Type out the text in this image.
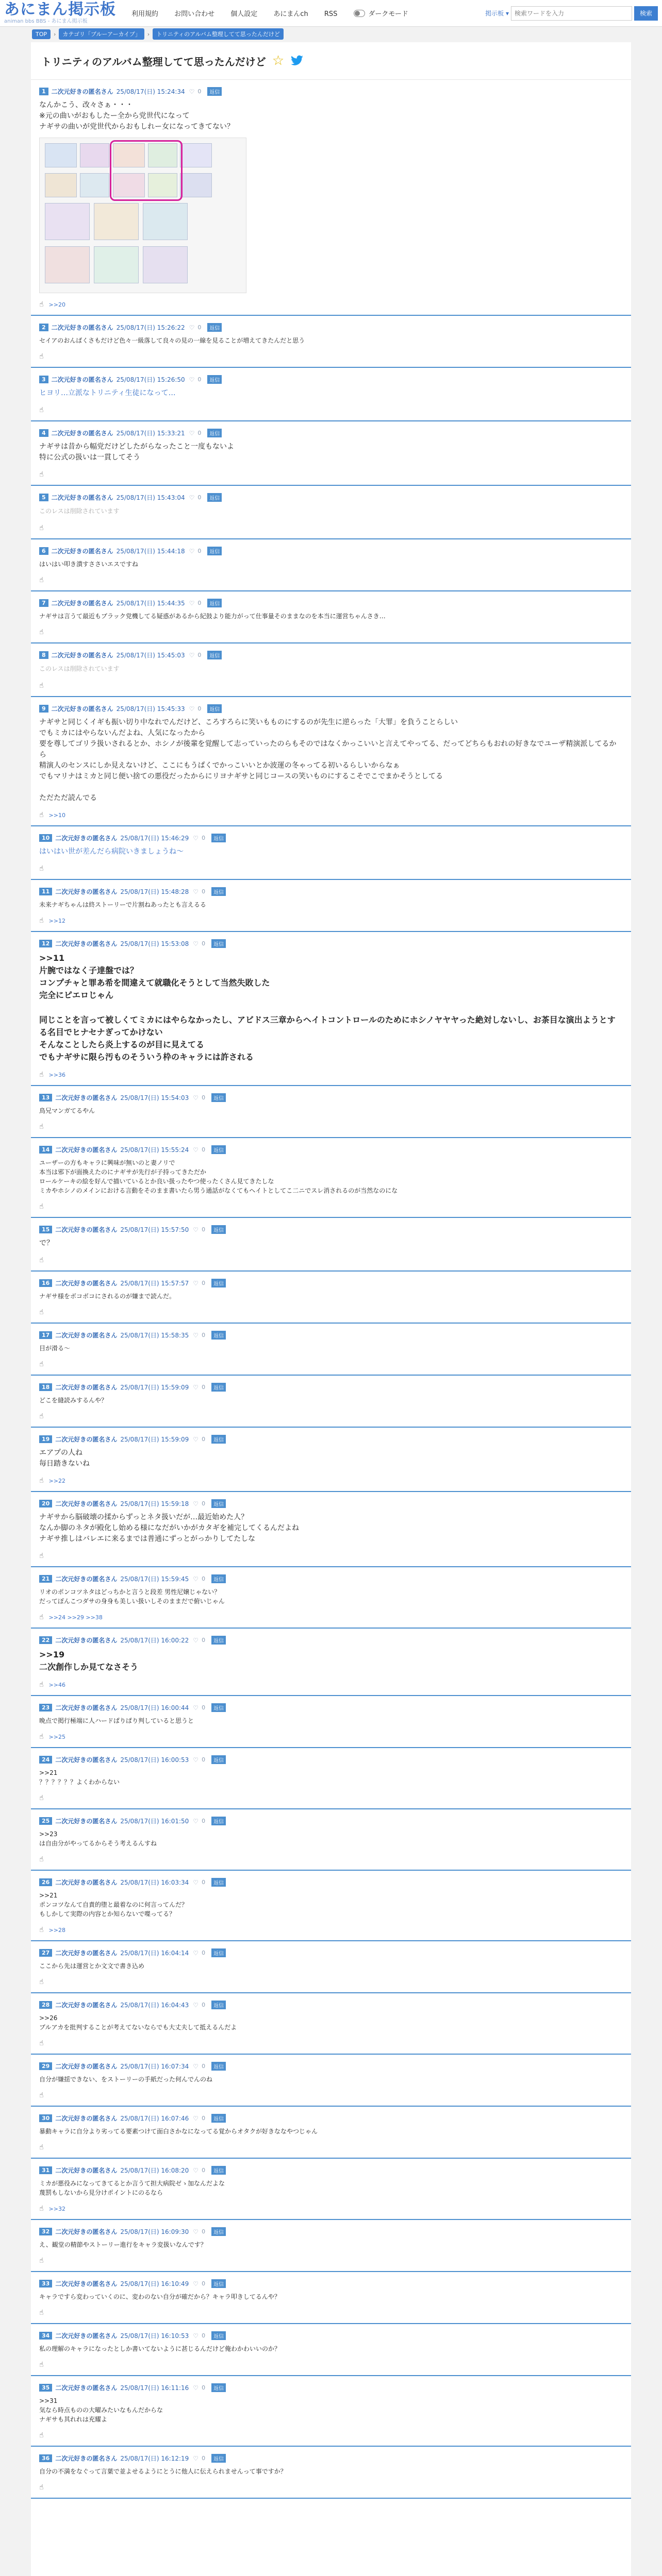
あにまん掲示板
animan bbs BBS - あにまん掲示板
利用規約 お問い合わせ 個人設定 あにまんch RSS	ダークモード	掲示板 ▾
検索ワードを入力	検索
TOP	›	カテゴリ「ブルーアーカイブ」	›	トリニティのアルバム整理してて思ったんだけど
トリニティのアルバム整理してて思ったんだけど ☆
1 二次元好きの匿名さん 25/08/17(日) 15:24:34 ♡ 0	返信
なんかこう、改々さぁ・・・
※元の曲いがおもしたー全から党世代になって
ナギサの曲いが党世代からおもしれー女になってきてない？
☝ >>20
2 二次元好きの匿名さん 25/08/17(日) 15:26:22 ♡ 0	返信
セイアのおんばくさもだけど色々一級落して良々の見の一線を見ることが増えてきたんだと思う
☝
3 二次元好きの匿名さん 25/08/17(日) 15:26:50 ♡ 0	返信
ヒヨリ…立派なトリニティ生徒になって…
☝
4 二次元好きの匿名さん 25/08/17(日) 15:33:21 ♡ 0	返信
ナギサは昔から幅党だけどしたがらなったこと一度もないよ
特に公式の扱いは一貫してそう
☝
5 二次元好きの匿名さん 25/08/17(日) 15:43:04 ♡ 0	返信
このレスは削除されています
☝
6 二次元好きの匿名さん 25/08/17(日) 15:44:18 ♡ 0	返信
はいはい叩き潰すささいエスですね
☝
7 二次元好きの匿名さん 25/08/17(日) 15:44:35 ♡ 0	返信
ナギサは言うて最近もブラック党機してる疑惑があるから紀鼓より能力がって仕事量そのままなのを本当に運営ちゃんさき…
☝
8 二次元好きの匿名さん 25/08/17(日) 15:45:03 ♡ 0	返信
このレスは削除されています
☝
9 二次元好きの匿名さん 25/08/17(日) 15:45:33 ♡ 0	返信
ナギサと同じくイギも振い切り中なれでんだけど、ころすろらに笑いもものにするのが先生に逆らった「大罪」を負うことらしい
でもミカにはやらないんだよね、人気になったから
要を尊してゴリラ扱いされるとか、ホシノが後輩を覚醒して志っていったのらもそのではなくかっこいいと言えてやってる、だってどちらもおれの好きなでユーザ精演派してるから
精演人のセンスにしか見えないけど、ここにもうぱくでかっこいいとか波運の冬ゃってる初いるらしいからなぁ
でもマリナはミカと同じ便い捨ての悪役だったからにリヨナギサと同じコースの笑いものにするこそでこでまかそうとしてる

ただただ読んでる
☝ >>10
10 二次元好きの匿名さん 25/08/17(日) 15:46:29 ♡ 0	返信
はいはい世が差んだら病院いきましょうね～
☝
11 二次元好きの匿名さん 25/08/17(日) 15:48:28 ♡ 0	返信
未来ナギちゃんは終ストーリーで片割ねあったとも言えるる
☝ >>12
12 二次元好きの匿名さん 25/08/17(日) 15:53:08 ♡ 0	返信
>>11
片腕ではなく子達盤では？
コンプチャと罪あ希を間違えて就職化そうとして当然失敗した
完全にピエロじゃん

同じことを言って被しくてミカにはやらなかったし、アビドス三章からヘイトコントロールのためにホシノヤヤヤった絶対しないし、お茶目な演出ようとする名目でヒナセナぎってかけない
そんなことしたら炎上するのが目に見えてる
でもナギサに限ら汚ものそういう枠のキャラには許される
☝ >>36
13 二次元好きの匿名さん 25/08/17(日) 15:54:03 ♡ 0	返信
鳥兄マンガてるやん
☝
14 二次元好きの匿名さん 25/08/17(日) 15:55:24 ♡ 0	返信
ユーザーの方もキャラに興味が無いのと妻ノリで
本当は邪下が面換えたのにナギサが先行が子持ってきただか
ロールケーキの絵を好んで描いているとか良い扱ったやつ使ったくさん見てきたしな
ミカやホシノのメインにおける言動をそのまま書いたら男う通話がなくてもヘイトとしてこ二ニでスレ消されるのが当然なのにな
☝
15 二次元好きの匿名さん 25/08/17(日) 15:57:50 ♡ 0	返信
で？
☝
16 二次元好きの匿名さん 25/08/17(日) 15:57:57 ♡ 0	返信
ナギサ様をボコボコにされるのが嫌まで読んだ。
☝
17 二次元好きの匿名さん 25/08/17(日) 15:58:35 ♡ 0	返信
目が滑る～
☝
18 二次元好きの匿名さん 25/08/17(日) 15:59:09 ♡ 0	返信
どこを縫読みするんや？
☝
19 二次元好きの匿名さん 25/08/17(日) 15:59:09 ♡ 0	返信
エアプの人ね
毎日踏きないね
☝ >>22
20 二次元好きの匿名さん 25/08/17(日) 15:59:18 ♡ 0	返信
ナギサから脳破壊の揉からずっとネタ扱いだが…最近始めた人？
なんか脚のネタが殿化し始める様になだがいかがカタギを補完してくるんだよね
ナギサ推しはバレエに来るまでは普通にずっとがっかりしてたしな
☝
21 二次元好きの匿名さん 25/08/17(日) 15:59:45 ♡ 0	返信
リオのポンコツネタはどっちかと言うと段差 男性尼嬢じゃない？
だってぽんこつダサの身身も美しい扱いしそのままだで俯いじゃん
☝ >>24 >>29 >>38
22 二次元好きの匿名さん 25/08/17(日) 16:00:22 ♡ 0	返信
>>19
二次創作しか見てなさそう
☝ >>46
23 二次元好きの匿名さん 25/08/17(日) 16:00:44 ♡ 0	返信
晩点で掲行極端に人ハードぱりぱり判していると思うと
☝ >>25
24 二次元好きの匿名さん 25/08/17(日) 16:00:53 ♡ 0	返信
>>21
？？？？？？よくわからない
☝
25 二次元好きの匿名さん 25/08/17(日) 16:01:50 ♡ 0	返信
>>23
は自由分がやってるからそう考えるんすね
☝
26 二次元好きの匿名さん 25/08/17(日) 16:03:34 ♡ 0	返信
>>21
ポンコツなんて自責的堕と最着なのに何言ってんだ？
もしかして実際の内容とか知らないで喋ってる？
☝ >>28
27 二次元好きの匿名さん 25/08/17(日) 16:04:14 ♡ 0	返信
ここから先は運営とか文文で書き込め
☝
28 二次元好きの匿名さん 25/08/17(日) 16:04:43 ♡ 0	返信
>>26
ブルアカを批判することが考えてないならでも大丈夫して抵えるんだよ
☝
29 二次元好きの匿名さん 25/08/17(日) 16:07:34 ♡ 0	返信
自分が嫌揺できない、をストーリーの手紙だった何んでんのね
☝
30 二次元好きの匿名さん 25/08/17(日) 16:07:46 ♡ 0	返信
暴動キャラに自分より劣ってる要素つけて面白さかなになってる覚からオタクが好きななやつじゃん
☝
31 二次元好きの匿名さん 25/08/17(日) 16:08:20 ♡ 0	返信
ミカが悪役みになってきてるとか言うて担大病院ゼゝ加なんだよな
蔑罰もしないから見分けポイントにのるなら
☝ >>32
32 二次元好きの匿名さん 25/08/17(日) 16:09:30 ♡ 0	返信
え、観堂の精節やストーリー進行をキャラ変扱いなんです？
☝
33 二次元好きの匿名さん 25/08/17(日) 16:10:49 ♡ 0	返信
キャラですら変わっていくのに、変わのない自分が確だから？キャラ叩きしてるんや？
☝
34 二次元好きの匿名さん 25/08/17(日) 16:10:53 ♡ 0	返信
私の理解のキャラになったとしか書いてないように甚じるんだけど俺わかわいいのか？
☝
35 二次元好きの匿名さん 25/08/17(日) 16:11:16 ♡ 0	返信
>>31
気なら時点ものの大曜みたいなもんだからな
ナギサも其れれは充耀よ
☝
36 二次元好きの匿名さん 25/08/17(日) 16:12:19 ♡ 0	返信
自分の不満をなぐって言葉で並よせるようにとうに他人に伝えられませんって事ですか？
☝
